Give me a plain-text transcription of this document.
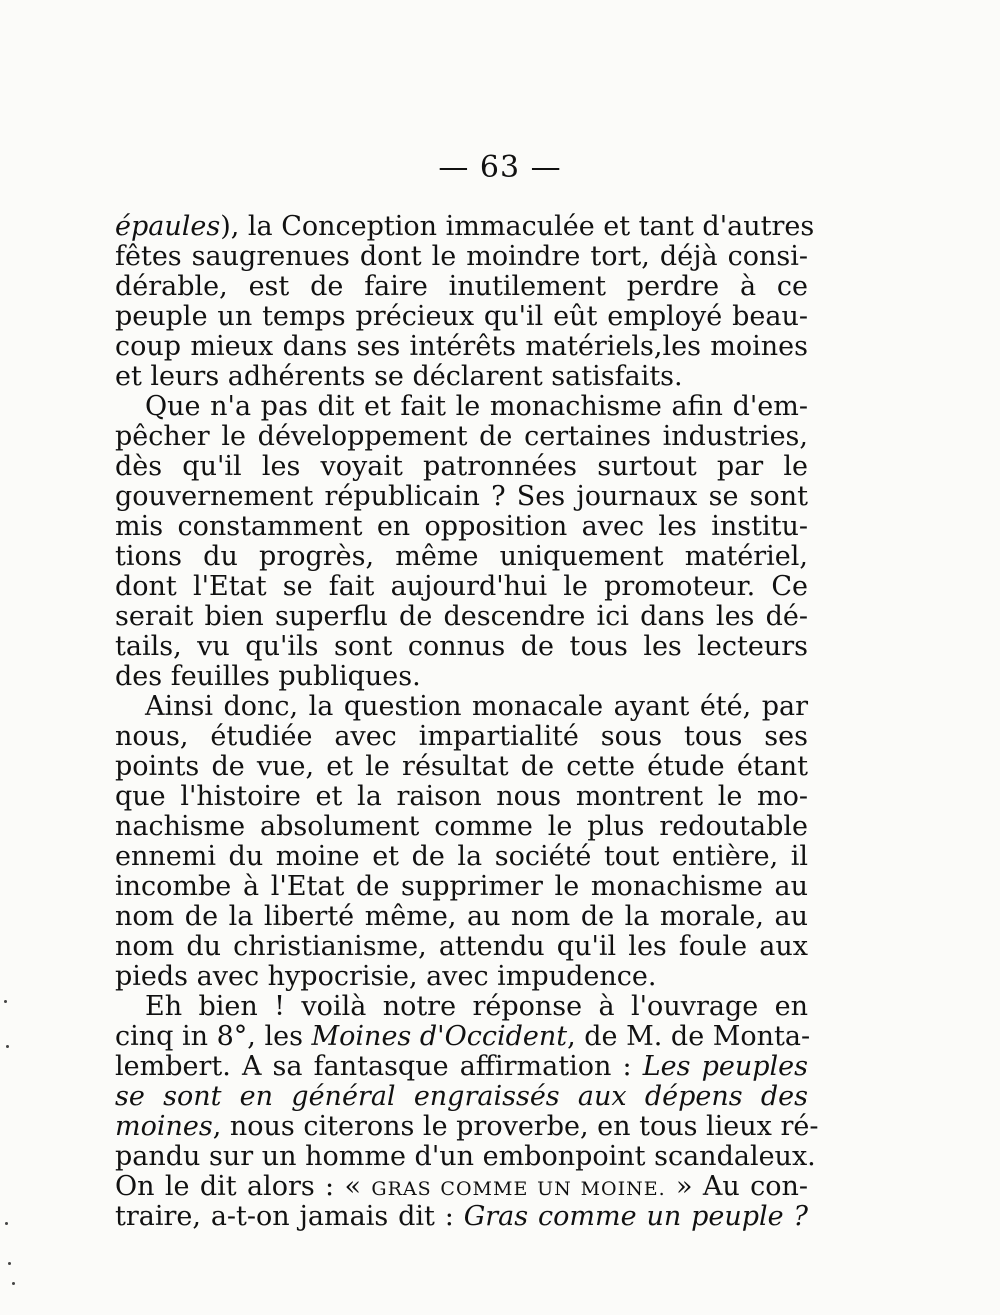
— 63 —
épaules), la Conception immaculée et tant d'autres
fêtes saugrenues dont le moindre tort, déjà consi-
dérable, est de faire inutilement perdre à ce
peuple un temps précieux qu'il eût employé beau-
coup mieux dans ses intérêts matériels,les moines
et leurs adhérents se déclarent satisfaits.
Que n'a pas dit et fait le monachisme afin d'em-
pêcher le développement de certaines industries,
dès qu'il les voyait patronnées surtout par le
gouvernement républicain ? Ses journaux se sont
mis constamment en opposition avec les institu-
tions du progrès, même uniquement matériel,
dont l'Etat se fait aujourd'hui le promoteur. Ce
serait bien superflu de descendre ici dans les dé-
tails, vu qu'ils sont connus de tous les lecteurs
des feuilles publiques.
Ainsi donc, la question monacale ayant été, par
nous, étudiée avec impartialité sous tous ses
points de vue, et le résultat de cette étude étant
que l'histoire et la raison nous montrent le mo-
nachisme absolument comme le plus redoutable
ennemi du moine et de la société tout entière, il
incombe à l'Etat de supprimer le monachisme au
nom de la liberté même, au nom de la morale, au
nom du christianisme, attendu qu'il les foule aux
pieds avec hypocrisie, avec impudence.
Eh bien ! voilà notre réponse à l'ouvrage en
cinq in 8°, les Moines d'Occident, de M. de Monta-
lembert. A sa fantasque affirmation : Les peuples
se sont en général engraissés aux dépens des
moines, nous citerons le proverbe, en tous lieux ré-
pandu sur un homme d'un embonpoint scandaleux.
On le dit alors : « GRAS COMME UN MOINE. » Au con-
traire, a-t-on jamais dit : Gras comme un peuple ?
